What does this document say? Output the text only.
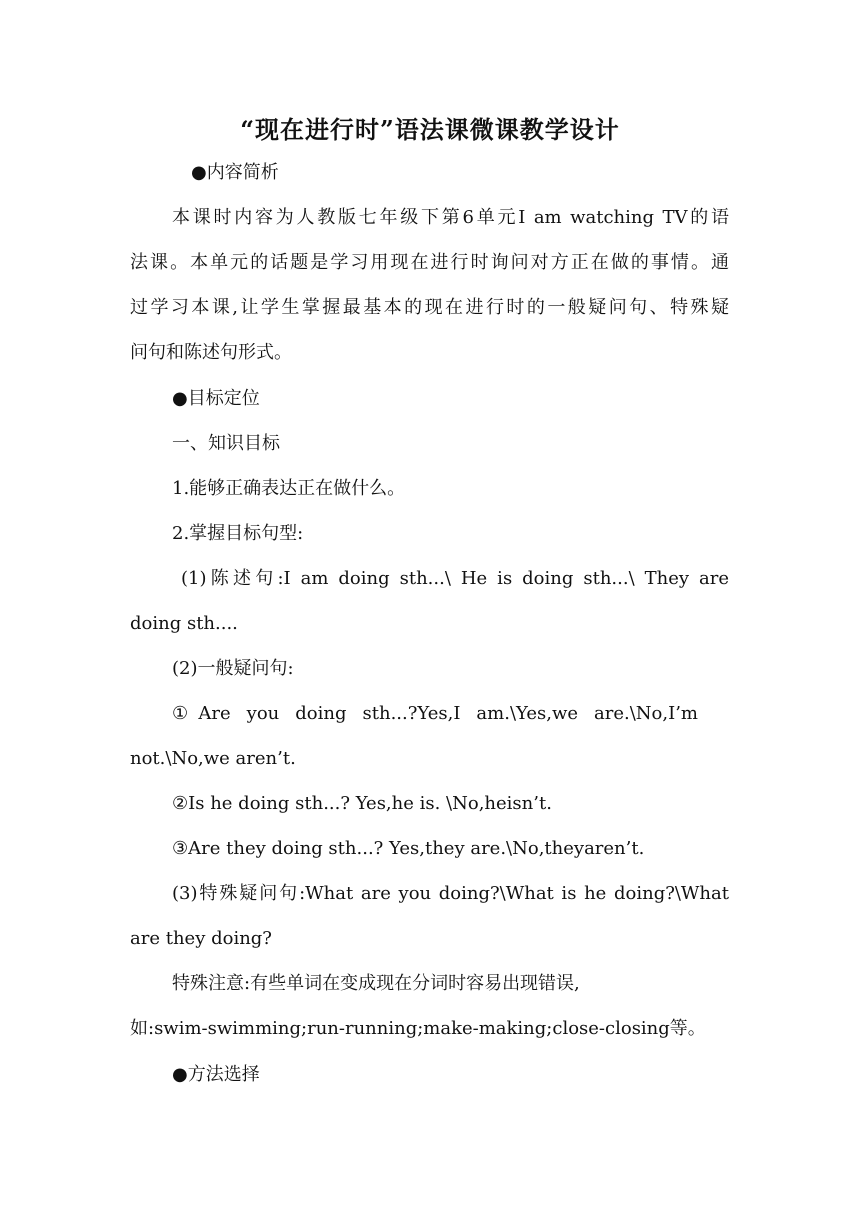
“现在进行时”语法课微课教学设计
●内容简析
本课时内容为人教版七年级下第6单元I am watching TV的语
法课。本单元的话题是学习用现在进行时询问对方正在做的事情。通
过学习本课,让学生掌握最基本的现在进行时的一般疑问句、特殊疑
问句和陈述句形式。
●目标定位
一、知识目标
1.能够正确表达正在做什么。
2.掌握目标句型:
(1)陈述句:I am doing sth...\ He is doing sth...\ They are
doing sth....
(2)一般疑问句:
①Are you doing sth...?Yes,I am.\Yes,we are.\No,I’m
not.\No,we aren’t.
②Is he doing sth...? Yes,he is. \No,heisn’t.
③Are they doing sth...? Yes,they are.\No,theyaren’t.
(3)特殊疑问句:What are you doing?\What is he doing?\What
are they doing?
特殊注意:有些单词在变成现在分词时容易出现错误,
如:swim-swimming;run-running;make-making;close-closing等。
●方法选择
